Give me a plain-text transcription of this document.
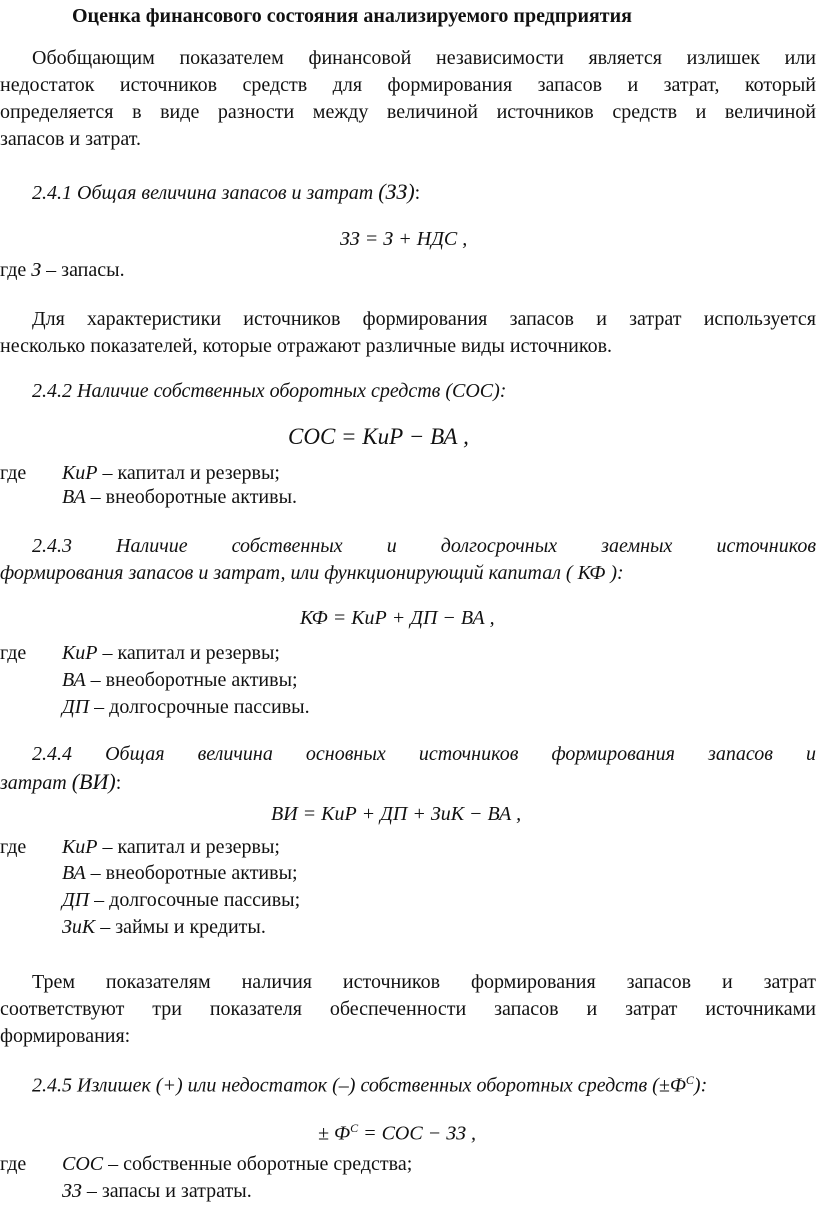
Оценка финансового состояния анализируемого предприятия
Обобщающим показателем финансовой независимости является излишек или
недостаток источников средств для формирования запасов и затрат, который
определяется в виде разности между величиной источников средств и величиной
запасов и затрат.
2.4.1 Общая величина запасов и затрат (ЗЗ):
ЗЗ = З + НДС ,
где З – запасы.
Для характеристики источников формирования запасов и затрат используется
несколько показателей, которые отражают различные виды источников.
2.4.2 Наличие собственных оборотных средств (СОС):
СОС = КиР − ВА ,
где КиР – капитал и резервы;
ВА – внеоборотные активы.
2.4.3 Наличие собственных и долгосрочных заемных источников
формирования запасов и затрат, или функционирующий капитал ( КФ ):
КФ = КиР + ДП − ВА ,
где КиР – капитал и резервы;
ВА – внеоборотные активы;
ДП – долгосрочные пассивы.
2.4.4 Общая величина основных источников формирования запасов и
затрат (ВИ):
ВИ = КиР + ДП + ЗиК − ВА ,
где КиР – капитал и резервы;
ВА – внеоборотные активы;
ДП – долгосочные пассивы;
ЗиК – займы и кредиты.
Трем показателям наличия источников формирования запасов и затрат
соответствуют три показателя обеспеченности запасов и затрат источниками
формирования:
2.4.5 Излишек (+) или недостаток (–) собственных оборотных средств $(\pm Ф^С)$:
± $Ф^С$ = СОС − ЗЗ ,
где СОС – собственные оборотные средства;
ЗЗ – запасы и затраты.
